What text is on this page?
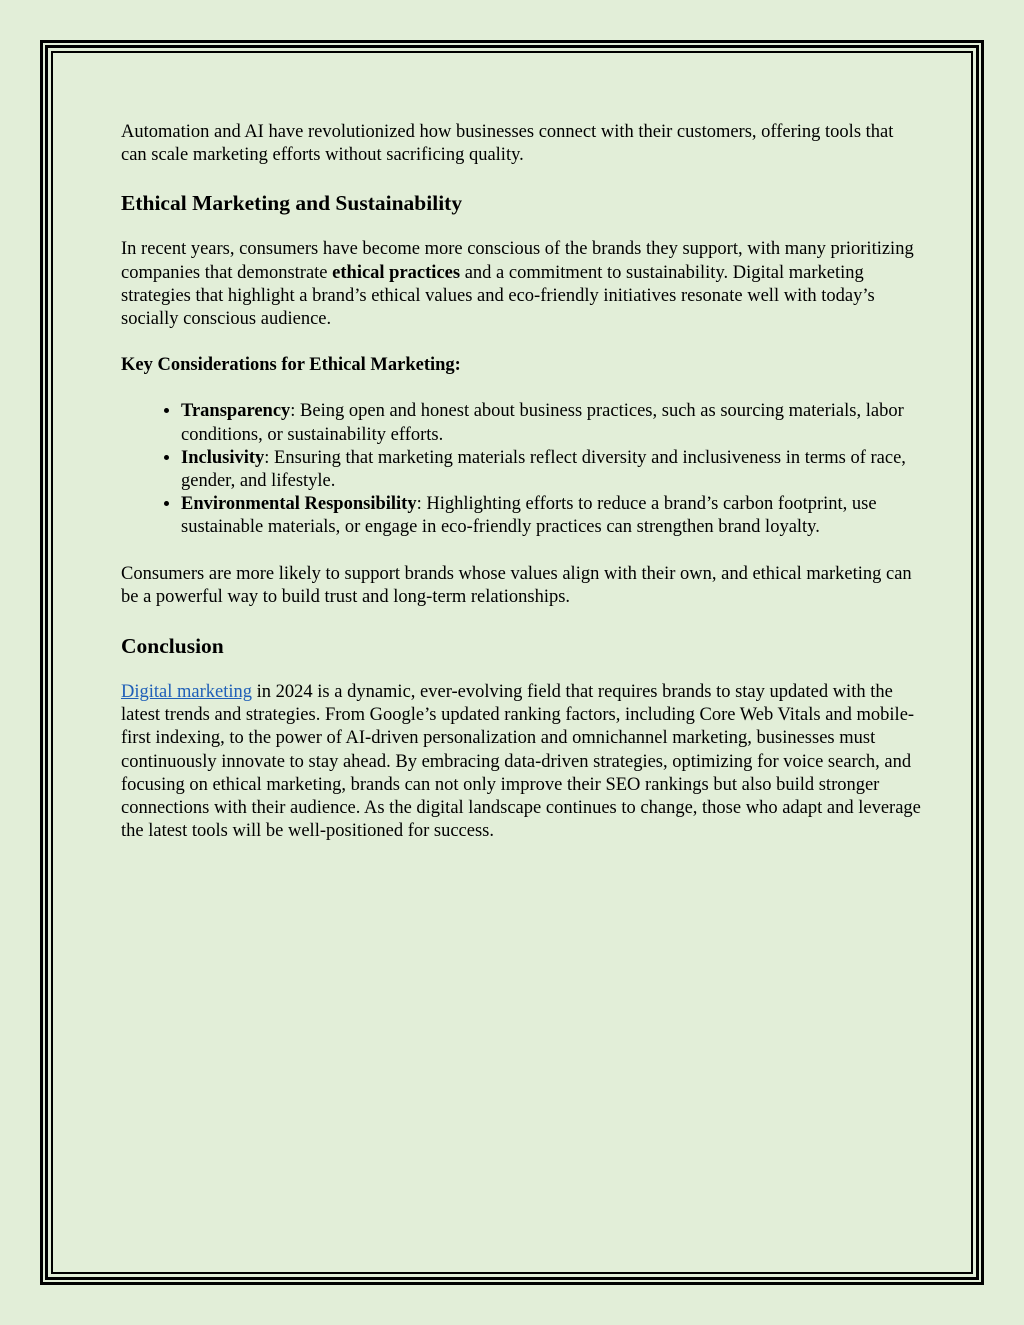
Automation and AI have revolutionized how businesses connect with their customers, offering tools that can scale marketing efforts without sacrificing quality.

Ethical Marketing and Sustainability

In recent years, consumers have become more conscious of the brands they support, with many prioritizing companies that demonstrate ethical practices and a commitment to sustainability. Digital marketing strategies that highlight a brand’s ethical values and eco-friendly initiatives resonate well with today’s socially conscious audience.

Key Considerations for Ethical Marketing:

• Transparency: Being open and honest about business practices, such as sourcing materials, labor conditions, or sustainability efforts.
• Inclusivity: Ensuring that marketing materials reflect diversity and inclusiveness in terms of race, gender, and lifestyle.
• Environmental Responsibility: Highlighting efforts to reduce a brand’s carbon footprint, use sustainable materials, or engage in eco-friendly practices can strengthen brand loyalty.

Consumers are more likely to support brands whose values align with their own, and ethical marketing can be a powerful way to build trust and long-term relationships.

Conclusion

Digital marketing in 2024 is a dynamic, ever-evolving field that requires brands to stay updated with the latest trends and strategies. From Google’s updated ranking factors, including Core Web Vitals and mobile-first indexing, to the power of AI-driven personalization and omnichannel marketing, businesses must continuously innovate to stay ahead. By embracing data-driven strategies, optimizing for voice search, and focusing on ethical marketing, brands can not only improve their SEO rankings but also build stronger connections with their audience. As the digital landscape continues to change, those who adapt and leverage the latest tools will be well-positioned for success.
